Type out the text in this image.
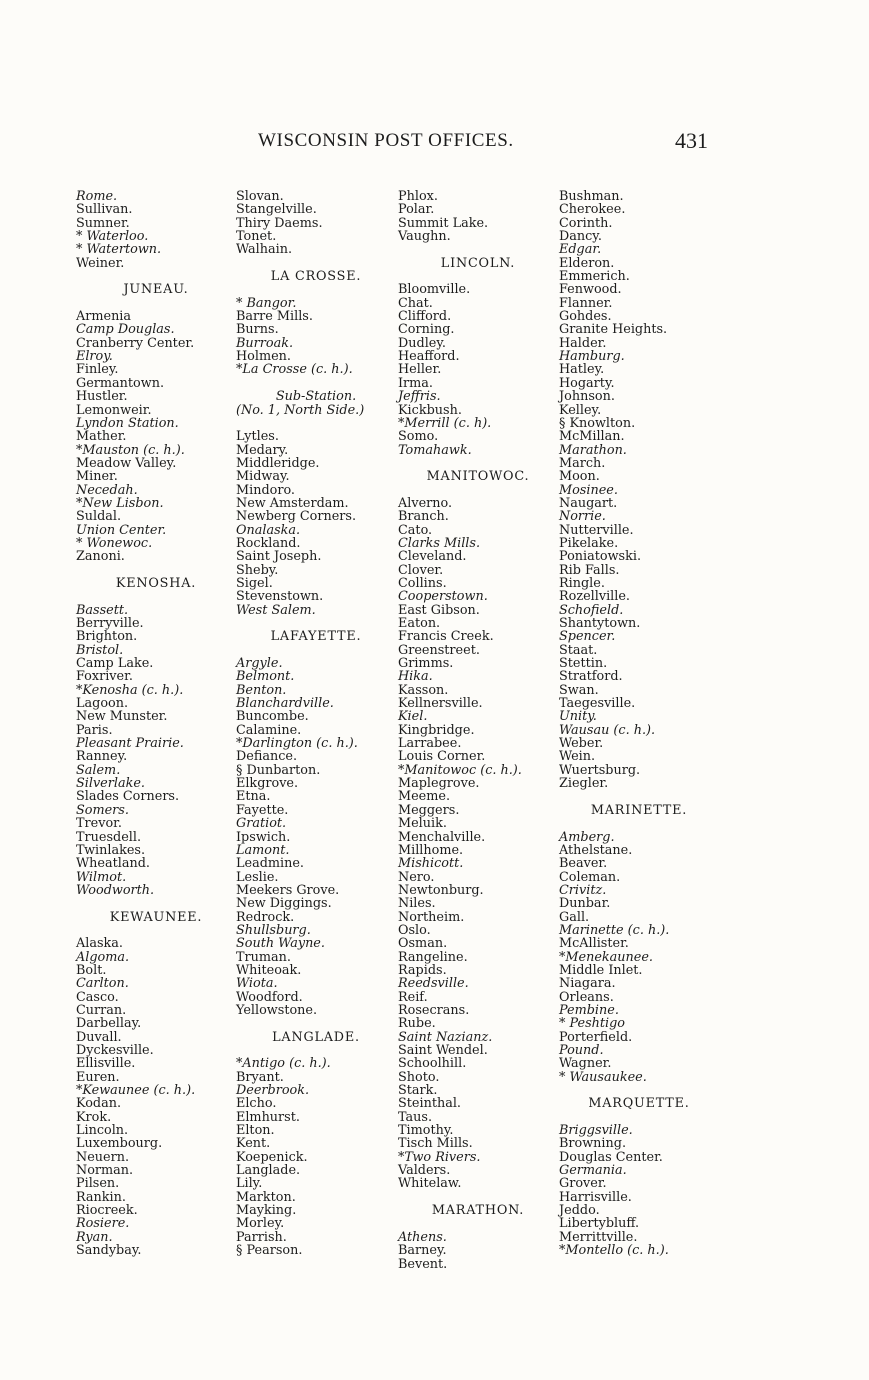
WISCONSIN POST OFFICES.	431
Rome.
Sullivan.
Sumner.
* Waterloo.
* Watertown.
Weiner.
JUNEAU.
Armenia
Camp Douglas.
Cranberry Center.
Elroy.
Finley.
Germantown.
Hustler.
Lemonweir.
Lyndon Station.
Mather.
*Mauston (c. h.).
Meadow Valley.
Miner.
Necedah.
*New Lisbon.
Suldal.
Union Center.
* Wonewoc.
Zanoni.
KENOSHA.
Bassett.
Berryville.
Brighton.
Bristol.
Camp Lake.
Foxriver.
*Kenosha (c. h.).
Lagoon.
New Munster.
Paris.
Pleasant Prairie.
Ranney.
Salem.
Silverlake.
Slades Corners.
Somers.
Trevor.
Truesdell.
Twinlakes.
Wheatland.
Wilmot.
Woodworth.
KEWAUNEE.
Alaska.
Algoma.
Bolt.
Carlton.
Casco.
Curran.
Darbellay.
Duvall.
Dyckesville.
Ellisville.
Euren.
*Kewaunee (c. h.).
Kodan.
Krok.
Lincoln.
Luxembourg.
Neuern.
Norman.
Pilsen.
Rankin.
Riocreek.
Rosiere.
Ryan.
Sandybay.
Slovan.
Stangelville.
Thiry Daems.
Tonet.
Walhain.
LA CROSSE.
* Bangor.
Barre Mills.
Burns.
Burroak.
Holmen.
*La Crosse (c. h.).
Sub-Station.
(No. 1, North Side.)
Lytles.
Medary.
Middleridge.
Midway.
Mindoro.
New Amsterdam.
Newberg Corners.
Onalaska.
Rockland.
Saint Joseph.
Sheby.
Sigel.
Stevenstown.
West Salem.
LAFAYETTE.
Argyle.
Belmont.
Benton.
Blanchardville.
Buncombe.
Calamine.
*Darlington (c. h.).
Defiance.
§ Dunbarton.
Elkgrove.
Etna.
Fayette.
Gratiot.
Ipswich.
Lamont.
Leadmine.
Leslie.
Meekers Grove.
New Diggings.
Redrock.
Shullsburg.
South Wayne.
Truman.
Whiteoak.
Wiota.
Woodford.
Yellowstone.
LANGLADE.
*Antigo (c. h.).
Bryant.
Deerbrook.
Elcho.
Elmhurst.
Elton.
Kent.
Koepenick.
Langlade.
Lily.
Markton.
Mayking.
Morley.
Parrish.
§ Pearson.
Phlox.
Polar.
Summit Lake.
Vaughn.
LINCOLN.
Bloomville.
Chat.
Clifford.
Corning.
Dudley.
Heafford.
Heller.
Irma.
Jeffris.
Kickbush.
*Merrill (c. h).
Somo.
Tomahawk.
MANITOWOC.
Alverno.
Branch.
Cato.
Clarks Mills.
Cleveland.
Clover.
Collins.
Cooperstown.
East Gibson.
Eaton.
Francis Creek.
Greenstreet.
Grimms.
Hika.
Kasson.
Kellnersville.
Kiel.
Kingbridge.
Larrabee.
Louis Corner.
*Manitowoc (c. h.).
Maplegrove.
Meeme.
Meggers.
Meluik.
Menchalville.
Millhome.
Mishicott.
Nero.
Newtonburg.
Niles.
Northeim.
Oslo.
Osman.
Rangeline.
Rapids.
Reedsville.
Reif.
Rosecrans.
Rube.
Saint Nazianz.
Saint Wendel.
Schoolhill.
Shoto.
Stark.
Steinthal.
Taus.
Timothy.
Tisch Mills.
*Two Rivers.
Valders.
Whitelaw.
MARATHON.
Athens.
Barney.
Bevent.
Bushman.
Cherokee.
Corinth.
Dancy.
Edgar.
Elderon.
Emmerich.
Fenwood.
Flanner.
Gohdes.
Granite Heights.
Halder.
Hamburg.
Hatley.
Hogarty.
Johnson.
Kelley.
§ Knowlton.
McMillan.
Marathon.
March.
Moon.
Mosinee.
Naugart.
Norrie.
Nutterville.
Pikelake.
Poniatowski.
Rib Falls.
Ringle.
Rozellville.
Schofield.
Shantytown.
Spencer.
Staat.
Stettin.
Stratford.
Swan.
Taegesville.
Unity.
Wausau (c. h.).
Weber.
Wein.
Wuertsburg.
Ziegler.
MARINETTE.
Amberg.
Athelstane.
Beaver.
Coleman.
Crivitz.
Dunbar.
Gall.
Marinette (c. h.).
McAllister.
*Menekaunee.
Middle Inlet.
Niagara.
Orleans.
Pembine.
* Peshtigo
Porterfield.
Pound.
Wagner.
* Wausaukee.
MARQUETTE.
Briggsville.
Browning.
Douglas Center.
Germania.
Grover.
Harrisville.
Jeddo.
Libertybluff.
Merrittville.
*Montello (c. h.).
